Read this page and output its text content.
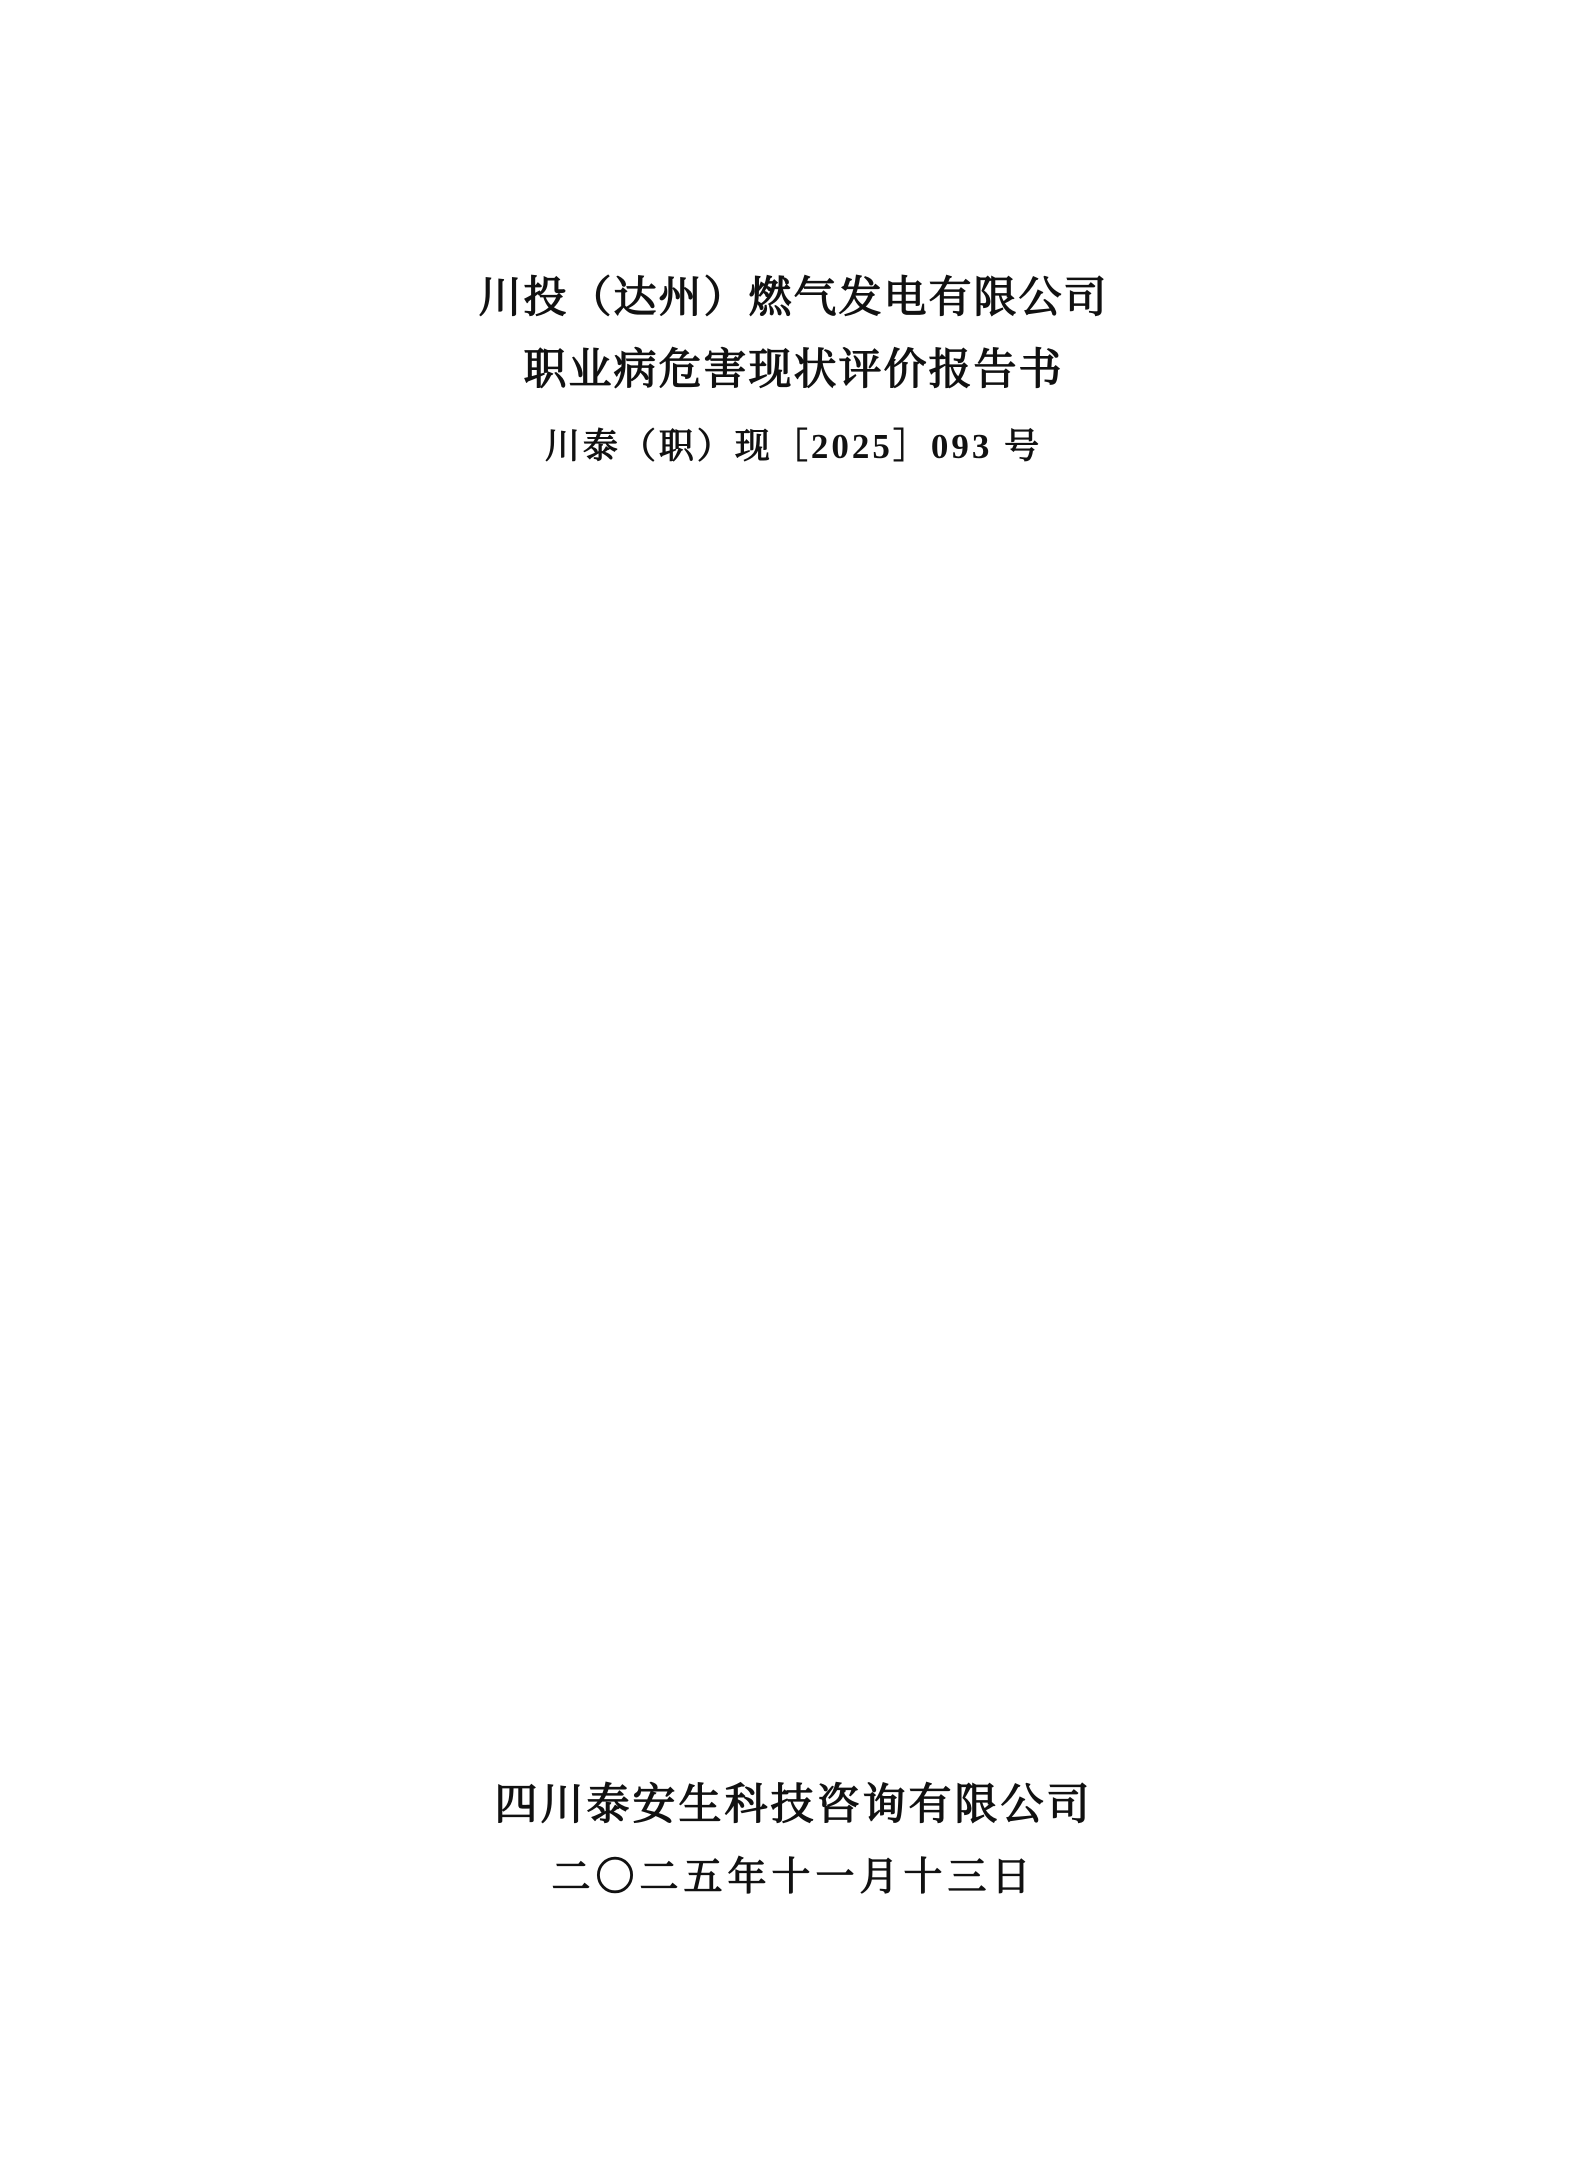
川投（达州）燃气发电有限公司
职业病危害现状评价报告书
川泰（职）现［2025］093 号
四川泰安生科技咨询有限公司
二〇二五年十一月十三日
